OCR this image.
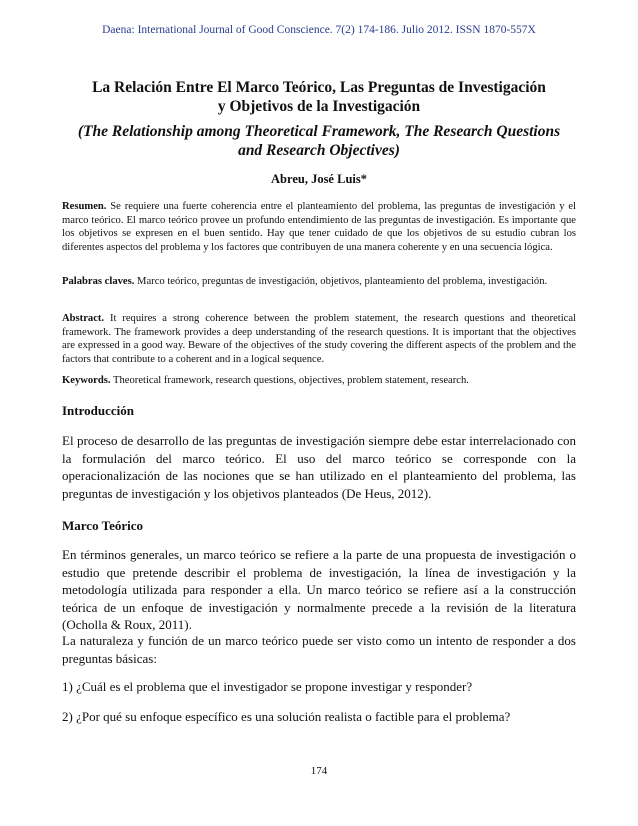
Daena: International Journal of Good Conscience. 7(2) 174-186. Julio 2012. ISSN 1870-557X
La Relación Entre El Marco Teórico, Las Preguntas de Investigación y Objetivos de la Investigación
(The Relationship among Theoretical Framework, The Research Questions and Research Objectives)
Abreu, José Luis*
Resumen. Se requiere una fuerte coherencia entre el planteamiento del problema, las preguntas de investigación y el marco teórico. El marco teórico provee un profundo entendimiento de las preguntas de investigación. Es importante que los objetivos se expresen en el buen sentido. Hay que tener cuidado de que los objetivos de su estudio cubran los diferentes aspectos del problema y los factores que contribuyen de una manera coherente y en una secuencia lógica.
Palabras claves. Marco teórico, preguntas de investigación, objetivos, planteamiento del problema, investigación.
Abstract. It requires a strong coherence between the problem statement, the research questions and theoretical framework. The framework provides a deep understanding of the research questions. It is important that the objectives are expressed in a good way. Beware of the objectives of the study covering the different aspects of the problem and the factors that contribute to a coherent and in a logical sequence.
Keywords. Theoretical framework, research questions, objectives, problem statement, research.
Introducción
El proceso de desarrollo de las preguntas de investigación siempre debe estar interrelacionado con la formulación del marco teórico. El uso del marco teórico se corresponde con la operacionalización de las nociones que se han utilizado en el planteamiento del problema, las preguntas de investigación y los objetivos planteados (De Heus, 2012).
Marco Teórico
En términos generales, un marco teórico se refiere a la parte de una propuesta de investigación o estudio que pretende describir el problema de investigación, la línea de investigación y la metodología utilizada para responder a ella. Un marco teórico se refiere así a la construcción teórica de un enfoque de investigación y normalmente precede a la revisión de la literatura (Ocholla & Roux, 2011).
La naturaleza y función de un marco teórico puede ser visto como un intento de responder a dos preguntas básicas:
1) ¿Cuál es el problema que el investigador se propone investigar y responder?
2) ¿Por qué su enfoque específico es una solución realista o factible para el problema?
174
